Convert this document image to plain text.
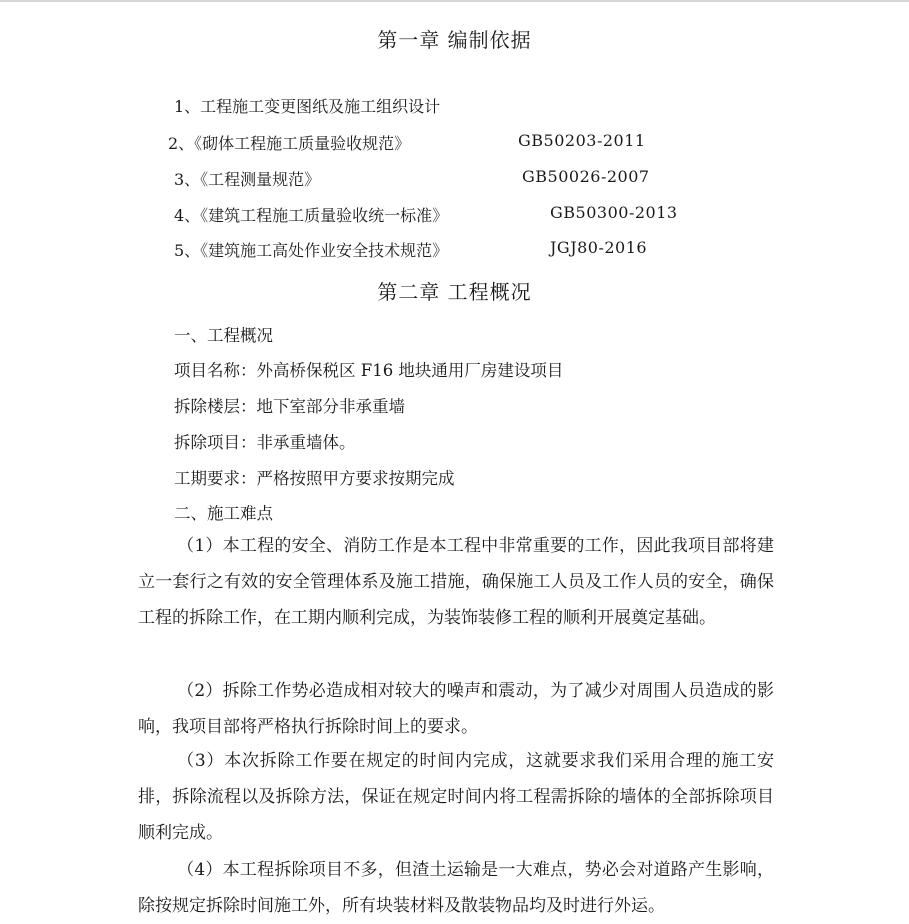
第一章 编制依据
1、工程施工变更图纸及施工组织设计
2、《砌体工程施工质量验收规范》	GB50203-2011
3、《工程测量规范》	GB50026-2007
4、《建筑工程施工质量验收统一标准》	GB50300-2013
5、《建筑施工高处作业安全技术规范》	JGJ80-2016
第二章 工程概况
一、工程概况
项目名称：外高桥保税区 F16 地块通用厂房建设项目
拆除楼层：地下室部分非承重墙
拆除项目：非承重墙体。
工期要求：严格按照甲方要求按期完成
二、施工难点
（1）本工程的安全、消防工作是本工程中非常重要的工作，因此我项目部将建立一套行之有效的安全管理体系及施工措施，确保施工人员及工作人员的安全，确保工程的拆除工作，在工期内顺利完成，为装饰装修工程的顺利开展奠定基础。
（2）拆除工作势必造成相对较大的噪声和震动，为了减少对周围人员造成的影响，我项目部将严格执行拆除时间上的要求。
（3）本次拆除工作要在规定的时间内完成，这就要求我们采用合理的施工安排，拆除流程以及拆除方法，保证在规定时间内将工程需拆除的墙体的全部拆除项目顺利完成。
（4）本工程拆除项目不多，但渣土运输是一大难点，势必会对道路产生影响，除按规定拆除时间施工外，所有块装材料及散装物品均及时进行外运。
